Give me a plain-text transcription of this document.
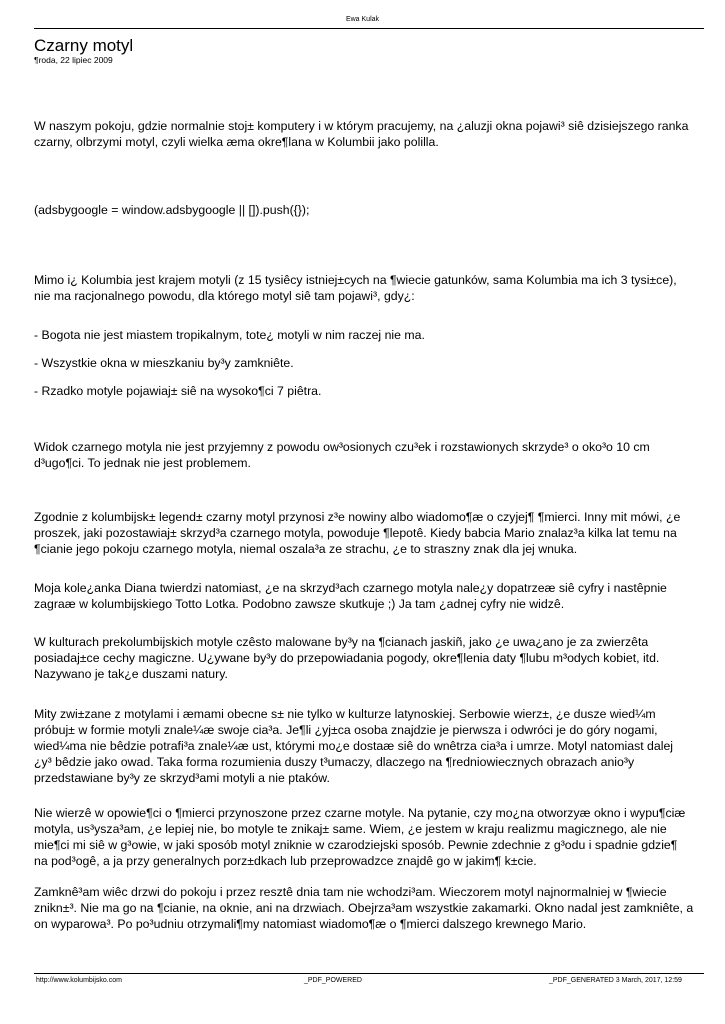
Ewa Kulak
Czarny motyl
¶roda, 22 lipiec 2009

W naszym pokoju, gdzie normalnie stoj± komputery i w którym pracujemy, na ¿aluzji okna pojawi³ siê dzisiejszego ranka czarny, olbrzymi motyl, czyli wielka æma okre¶lana w Kolumbii jako polilla.

(adsbygoogle = window.adsbygoogle || []).push({});

Mimo i¿ Kolumbia jest krajem motyli (z 15 tysiêcy istniej±cych na ¶wiecie gatunków, sama Kolumbia ma ich 3 tysi±ce), nie ma racjonalnego powodu, dla którego motyl siê tam pojawi³, gdy¿:

- Bogota nie jest miastem tropikalnym, tote¿ motyli w nim raczej nie ma.

- Wszystkie okna w mieszkaniu by³y zamkniête.

- Rzadko motyle pojawiaj± siê na wysoko¶ci 7 piêtra.

Widok czarnego motyla nie jest przyjemny z powodu ow³osionych czu³ek i rozstawionych skrzyde³ o oko³o 10 cm d³ugo¶ci. To jednak nie jest problemem.

Zgodnie z kolumbijsk± legend± czarny motyl przynosi z³e nowiny albo wiadomo¶æ o czyjej¶ ¶mierci. Inny mit mówi, ¿e proszek, jaki pozostawiaj± skrzyd³a czarnego motyla, powoduje ¶lepotê. Kiedy babcia Mario znalaz³a kilka lat temu na ¶cianie jego pokoju czarnego motyla, niemal oszala³a ze strachu, ¿e to straszny znak dla jej wnuka.

Moja kole¿anka Diana twierdzi natomiast, ¿e na skrzyd³ach czarnego motyla nale¿y dopatrzeæ siê cyfry i nastêpnie zagraæ w kolumbijskiego Totto Lotka. Podobno zawsze skutkuje ;) Ja tam ¿adnej cyfry nie widzê.

W kulturach prekolumbijskich motyle czêsto malowane by³y na ¶cianach jaskiñ, jako ¿e uwa¿ano je za zwierzêta posiadaj±ce cechy magiczne. U¿ywane by³y do przepowiadania pogody, okre¶lenia daty ¶lubu m³odych kobiet, itd. Nazywano je tak¿e duszami natury.

Mity zwi±zane z motylami i æmami obecne s± nie tylko w kulturze latynoskiej. Serbowie wierz±, ¿e dusze wied¼m próbuj± w formie motyli znale¼æ swoje cia³a. Je¶li ¿yj±ca osoba znajdzie je pierwsza i odwróci je do góry nogami, wied¼ma nie bêdzie potrafi³a znale¼æ ust, którymi mo¿e dostaæ siê do wnêtrza cia³a i umrze. Motyl natomiast dalej ¿y³ bêdzie jako owad. Taka forma rozumienia duszy t³umaczy, dlaczego na ¶redniowiecznych obrazach anio³y przedstawiane by³y ze skrzyd³ami motyli a nie ptaków.

Nie wierzê w opowie¶ci o ¶mierci przynoszone przez czarne motyle. Na pytanie, czy mo¿na otworzyæ okno i wypu¶ciæ motyla, us³ysza³am, ¿e lepiej nie, bo motyle te znikaj± same. Wiem, ¿e jestem w kraju realizmu magicznego, ale nie mie¶ci mi siê w g³owie, w jaki sposób motyl zniknie w czarodziejski sposób. Pewnie zdechnie z g³odu i spadnie gdzie¶ na pod³ogê, a ja przy generalnych porz±dkach lub przeprowadzce znajdê go w jakim¶ k±cie.

Zamknê³am wiêc drzwi do pokoju i przez resztê dnia tam nie wchodzi³am. Wieczorem motyl najnormalniej w ¶wiecie znikn±³. Nie ma go na ¶cianie, na oknie, ani na drzwiach. Obejrza³am wszystkie zakamarki. Okno nadal jest zamkniête, a on wyparowa³. Po po³udniu otrzymali¶my natomiast wiadomo¶æ o ¶mierci dalszego krewnego Mario.

http://www.kolumbijsko.com	_PDF_POWERED	_PDF_GENERATED 3 March, 2017, 12:59
